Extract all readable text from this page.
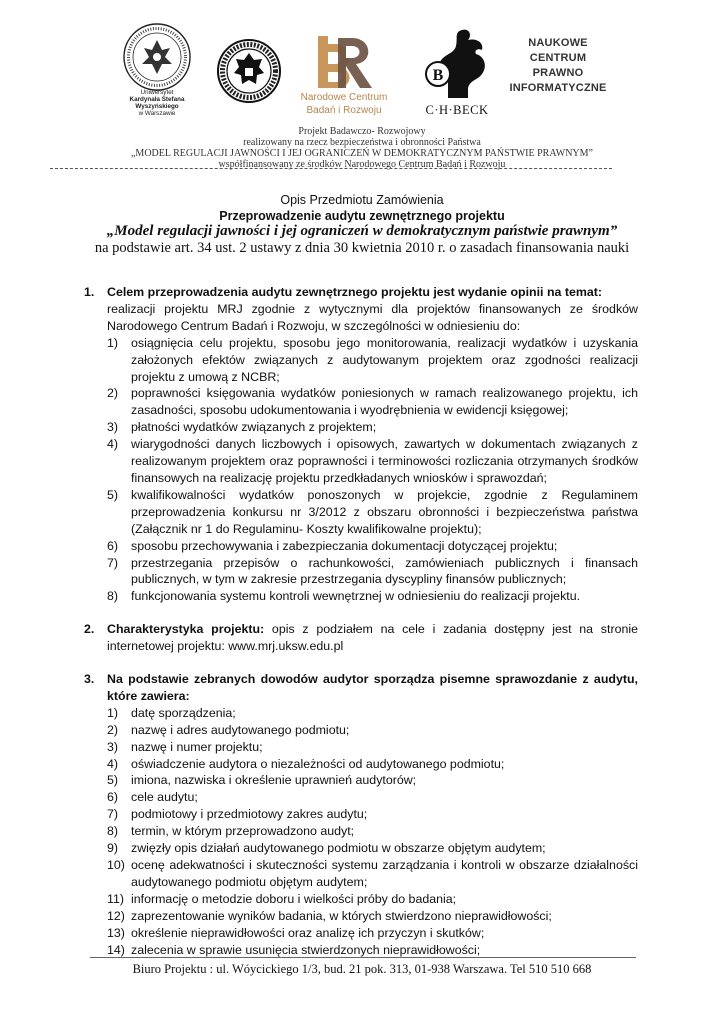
Uniwersytet
Kardynała Stefana Wyszyńskiego
w Warszawie
Narodowe Centrum
Badań i Rozwoju
B
C·H·BECK
NAUKOWE
CENTRUM
PRAWNO
INFORMATYCZNE
Projekt Badawczo- Rozwojowy
realizowany na rzecz bezpieczeństwa i obronności Państwa
„MODEL REGULACJI JAWNOŚCI I JEJ OGRANICZEŃ W DEMOKRATYCZNYM PAŃSTWIE PRAWNYM”
współfinansowany ze środków Narodowego Centrum Badań i Rozwoju
Opis Przedmiotu Zamówienia
Przeprowadzenie audytu zewnętrznego projektu
„Model regulacji jawności i jej ograniczeń w demokratycznym państwie prawnym”
na podstawie art. 34 ust. 2 ustawy z dnia 30 kwietnia 2010 r. o zasadach finansowania nauki
1. Celem przeprowadzenia audytu zewnętrznego projektu jest wydanie opinii na temat:

realizacji projektu MRJ zgodnie z wytycznymi dla projektów finansowanych ze środków Narodowego Centrum Badań i Rozwoju, w szczególności w odniesieniu do:

1) osiągnięcia celu projektu, sposobu jego monitorowania, realizacji wydatków i uzyskania założonych efektów związanych z audytowanym projektem oraz zgodności realizacji projektu z umową z NCBR;
2) poprawności księgowania wydatków poniesionych w ramach realizowanego projektu, ich zasadności, sposobu udokumentowania i wyodrębnienia w ewidencji księgowej;
3) płatności wydatków związanych z projektem;
4) wiarygodności danych liczbowych i opisowych, zawartych w dokumentach związanych z realizowanym projektem oraz poprawności i terminowości rozliczania otrzymanych środków finansowych na realizację projektu przedkładanych wniosków i sprawozdań;
5) kwalifikowalności wydatków ponoszonych w projekcie, zgodnie z Regulaminem przeprowadzenia konkursu nr 3/2012 z obszaru obronności i bezpieczeństwa państwa (Załącznik nr 1 do Regulaminu- Koszty kwalifikowalne projektu);
6) sposobu przechowywania i zabezpieczania dokumentacji dotyczącej projektu;
7) przestrzegania przepisów o rachunkowości, zamówieniach publicznych i finansach publicznych, w tym w zakresie przestrzegania dyscypliny finansów publicznych;
8) funkcjonowania systemu kontroli wewnętrznej w odniesieniu do realizacji projektu.
2. Charakterystyka projektu: opis z podziałem na cele i zadania dostępny jest na stronie internetowej projektu: www.mrj.uksw.edu.pl

3. Na podstawie zebranych dowodów audytor sporządza pisemne sprawozdanie z audytu, które zawiera:
1) datę sporządzenia;
2) nazwę i adres audytowanego podmiotu;
3) nazwę i numer projektu;
4) oświadczenie audytora o niezależności od audytowanego podmiotu;
5) imiona, nazwiska i określenie uprawnień audytorów;
6) cele audytu;
7) podmiotowy i przedmiotowy zakres audytu;
8) termin, w którym przeprowadzono audyt;
9) zwięzły opis działań audytowanego podmiotu w obszarze objętym audytem;
10) ocenę adekwatności i skuteczności systemu zarządzania i kontroli w obszarze działalności audytowanego podmiotu objętym audytem;
11) informację o metodzie doboru i wielkości próby do badania;
12) zaprezentowanie wyników badania, w których stwierdzono nieprawidłowości;
13) określenie nieprawidłowości oraz analizę ich przyczyn i skutków;
14) zalecenia w sprawie usunięcia stwierdzonych nieprawidłowości;
Biuro Projektu : ul. Wóycickiego 1/3, bud. 21 pok. 313, 01-938 Warszawa. Tel 510 510 668
